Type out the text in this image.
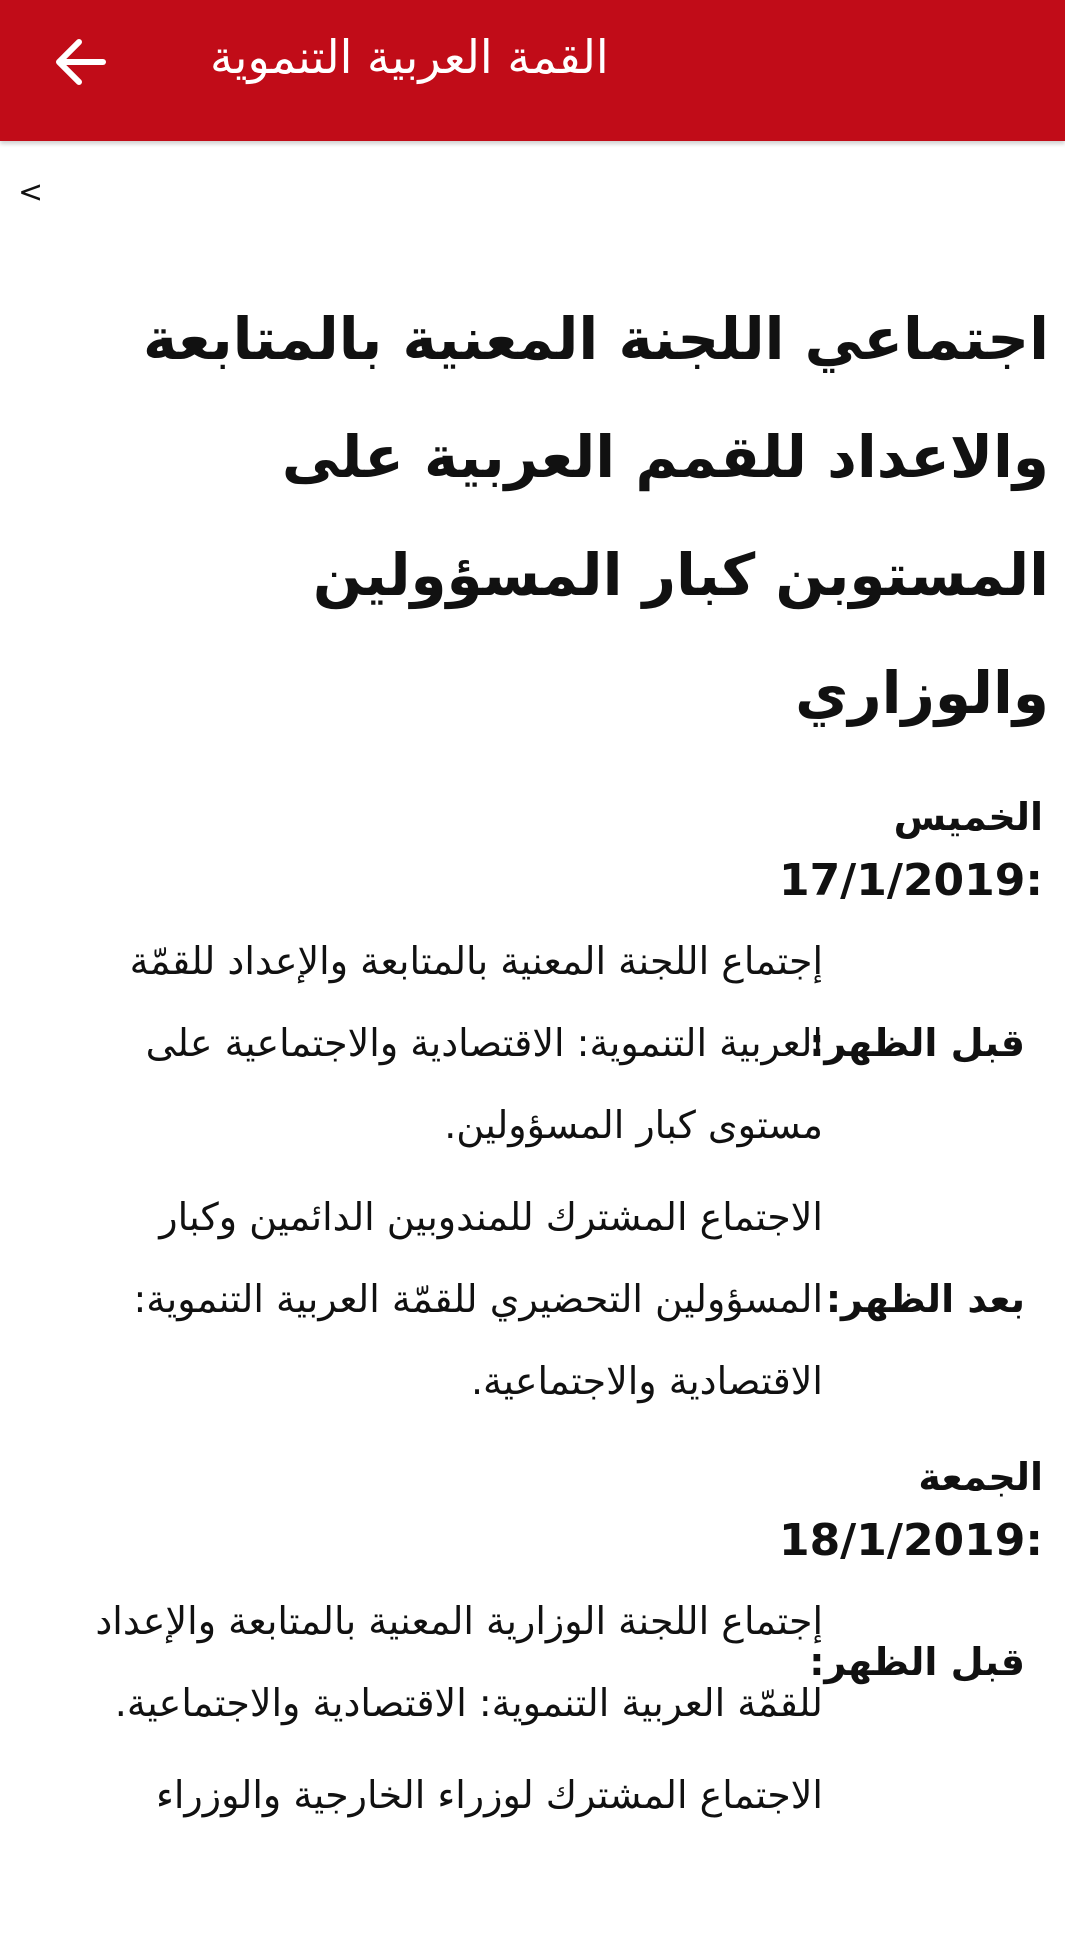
القمة العربية التنموية
<
اجتماعي اللجنة المعنية بالمتابعة والاعداد للقمم العربية على المستوبن كبار المسؤولين والوزاري
الخميس
17/1/2019:
قبل الظهر:
إجتماع اللجنة المعنية بالمتابعة والإعداد للقمّة العربية التنموية: الاقتصادية والاجتماعية على مستوى كبار المسؤولين.
بعد الظهر:
الاجتماع المشترك للمندوبين الدائمين وكبار المسؤولين التحضيري للقمّة العربية التنموية: الاقتصادية والاجتماعية.
الجمعة
18/1/2019:
قبل الظهر:
إجتماع اللجنة الوزارية المعنية بالمتابعة والإعداد للقمّة العربية التنموية: الاقتصادية والاجتماعية.
الاجتماع المشترك لوزراء الخارجية والوزراء
